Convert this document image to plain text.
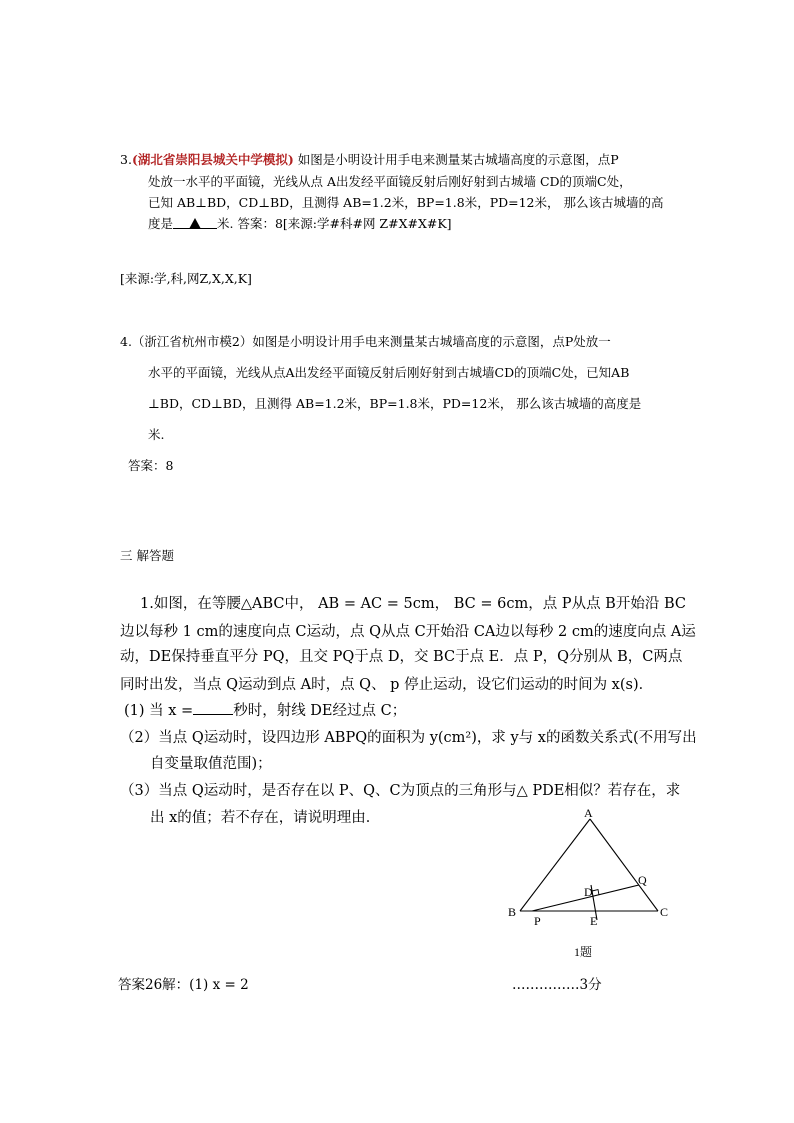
3.(湖北省崇阳县城关中学模拟) 如图是小明设计用手电来测量某古城墙高度的示意图，点P
处放一水平的平面镜，光线从点 A出发经平面镜反射后刚好射到古城墙 CD的顶端C处，
已知 AB⊥BD，CD⊥BD，且测得 AB=1.2米，BP=1.8米，PD=12米， 那么该古城墙的高
度是	米. 答案：8[来源:学#科#网 Z#X#X#K]
[来源:学,科,网Z,X,X,K]
4.（浙江省杭州市模2）如图是小明设计用手电来测量某古城墙高度的示意图，点P处放一
水平的平面镜，光线从点A出发经平面镜反射后刚好射到古城墙CD的顶端C处，已知AB
⊥BD，CD⊥BD，且测得 AB=1.2米，BP=1.8米，PD=12米， 那么该古城墙的高度是
米.
答案：8
三 解答题
1.如图，在等腰△ABC中， AB = AC = 5cm， BC = 6cm，点 P从点 B开始沿 BC
边以每秒 1 cm的速度向点 C运动，点 Q从点 C开始沿 CA边以每秒 2 cm的速度向点 A运
动，DE保持垂直平分 PQ，且交 PQ于点 D，交 BC于点 E．点 P，Q分别从 B，C两点
同时出发，当点 Q运动到点 A时，点 Q、 p 停止运动，设它们运动的时间为 x(s)．
(1) 当 x =	秒时，射线 DE经过点 C；
（2）当点 Q运动时，设四边形 ABPQ的面积为 y(cm²)，求 y与 x的函数关系式(不用写出
自变量取值范围)；
（3）当点 Q运动时，是否存在以 P、Q、C为顶点的三角形与△ PDE相似？若存在，求
出 x的值；若不存在，请说明理由．	A
B	C
P
Q
D
E
1题
答案26解：(1) x = 2	……………3分
